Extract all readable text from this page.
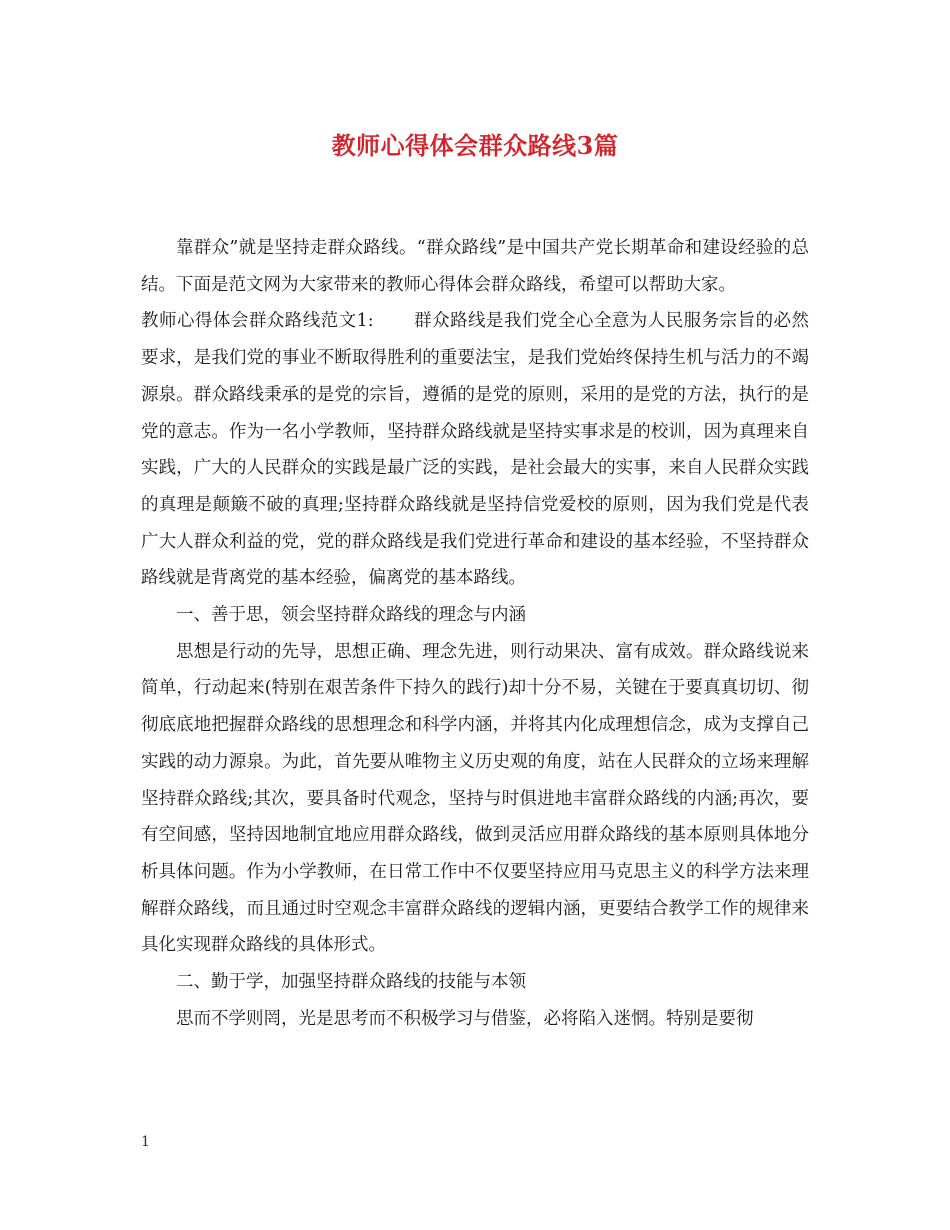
教师心得体会群众路线3篇

靠群众”就是坚持走群众路线。“群众路线”是中国共产党长期革命和建设经验的总结。下面是范文网为大家带来的教师心得体会群众路线，希望可以帮助大家。

教师心得体会群众路线范文1: 群众路线是我们党全心全意为人民服务宗旨的必然要求，是我们党的事业不断取得胜利的重要法宝，是我们党始终保持生机与活力的不竭源泉。群众路线秉承的是党的宗旨，遵循的是党的原则，采用的是党的方法，执行的是党的意志。作为一名小学教师，坚持群众路线就是坚持实事求是的校训，因为真理来自实践，广大的人民群众的实践是最广泛的实践，是社会最大的实事，来自人民群众实践的真理是颠簸不破的真理;坚持群众路线就是坚持信党爱校的原则，因为我们党是代表广大人群众利益的党，党的群众路线是我们党进行革命和建设的基本经验，不坚持群众路线就是背离党的基本经验，偏离党的基本路线。

一、善于思，领会坚持群众路线的理念与内涵

思想是行动的先导，思想正确、理念先进，则行动果决、富有成效。群众路线说来简单，行动起来(特别在艰苦条件下持久的践行)却十分不易，关键在于要真真切切、彻彻底底地把握群众路线的思想理念和科学内涵，并将其内化成理想信念，成为支撑自己实践的动力源泉。为此，首先要从唯物主义历史观的角度，站在人民群众的立场来理解坚持群众路线;其次，要具备时代观念，坚持与时俱进地丰富群众路线的内涵;再次，要有空间感，坚持因地制宜地应用群众路线，做到灵活应用群众路线的基本原则具体地分析具体问题。作为小学教师，在日常工作中不仅要坚持应用马克思主义的科学方法来理解群众路线，而且通过时空观念丰富群众路线的逻辑内涵，更要结合教学工作的规律来具化实现群众路线的具体形式。

二、勤于学，加强坚持群众路线的技能与本领

思而不学则罔，光是思考而不积极学习与借鉴，必将陷入迷惘。特别是要彻

1
